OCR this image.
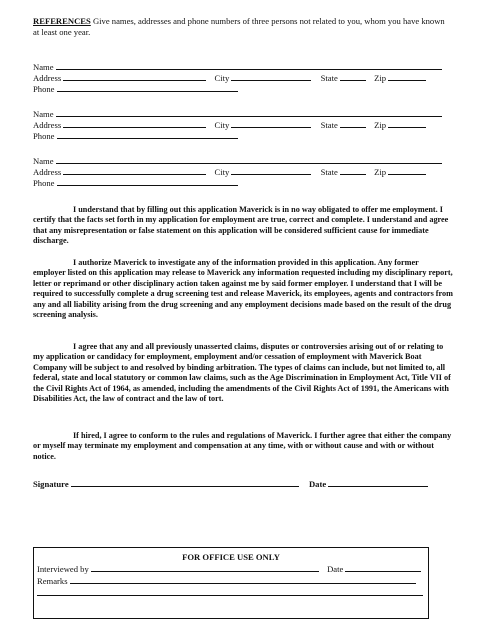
REFERENCES Give names, addresses and phone numbers of three persons not related to you, whom you have known at least one year.
Name
Address	City	State	Zip
Phone
Name
Address	City	State	Zip
Phone
Name
Address	City	State	Zip
Phone
I understand that by filling out this application Maverick is in no way obligated to offer me employment. I certify that the facts set forth in my application for employment are true, correct and complete. I understand and agree that any misrepresentation or false statement on this application will be considered sufficient cause for immediate discharge.
I authorize Maverick to investigate any of the information provided in this application. Any former employer listed on this application may release to Maverick any information requested including my disciplinary report, letter or reprimand or other disciplinary action taken against me by said former employer. I understand that I will be required to successfully complete a drug screening test and release Maverick, its employees, agents and contractors from any and all liability arising from the drug screening and any employment decisions made based on the result of the drug screening analysis.
I agree that any and all previously unasserted claims, disputes or controversies arising out of or relating to my application or candidacy for employment, employment and/or cessation of employment with Maverick Boat Company will be subject to and resolved by binding arbitration. The types of claims can include, but not limited to, all federal, state and local statutory or common law claims, such as the Age Discrimination in Employment Act, Title VII of the Civil Rights Act of 1964, as amended, including the amendments of the Civil Rights Act of 1991, the Americans with Disabilities Act, the law of contract and the law of tort.
If hired, I agree to conform to the rules and regulations of Maverick. I further agree that either the company or myself may terminate my employment and compensation at any time, with or without cause and with or without notice.
Signature	Date
FOR OFFICE USE ONLY
Interviewed by	Date
Remarks
